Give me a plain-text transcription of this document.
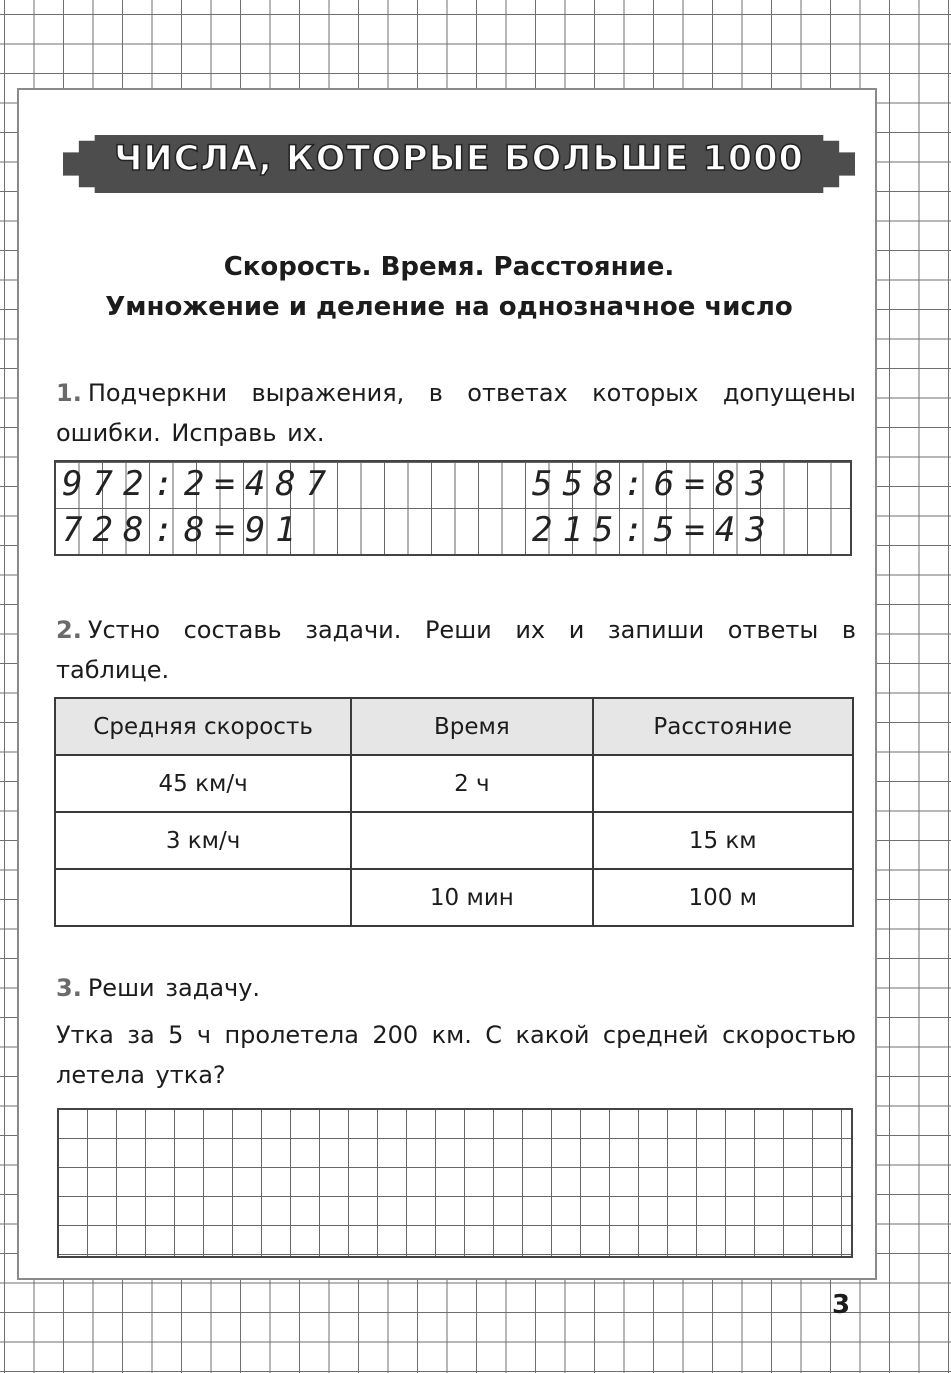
ЧИСЛА, КОТОРЫЕ БОЛЬШЕ 1000
Скорость. Время. Расстояние.
Умножение и деление на однозначное число
1. Подчеркни выражения, в ответах которых допущены ошибки. Исправь их.
972:2=487	558:6=83
728:8=91	215:5=43
2. Устно составь задачи. Реши их и запиши ответы в таблице.
Средняя скорость	Время	Расстояние
45 км/ч	2 ч	
3 км/ч		15 км
	10 мин	100 м
3. Реши задачу.
Утка за 5 ч пролетела 200 км. С какой средней скоростью летела утка?
3
